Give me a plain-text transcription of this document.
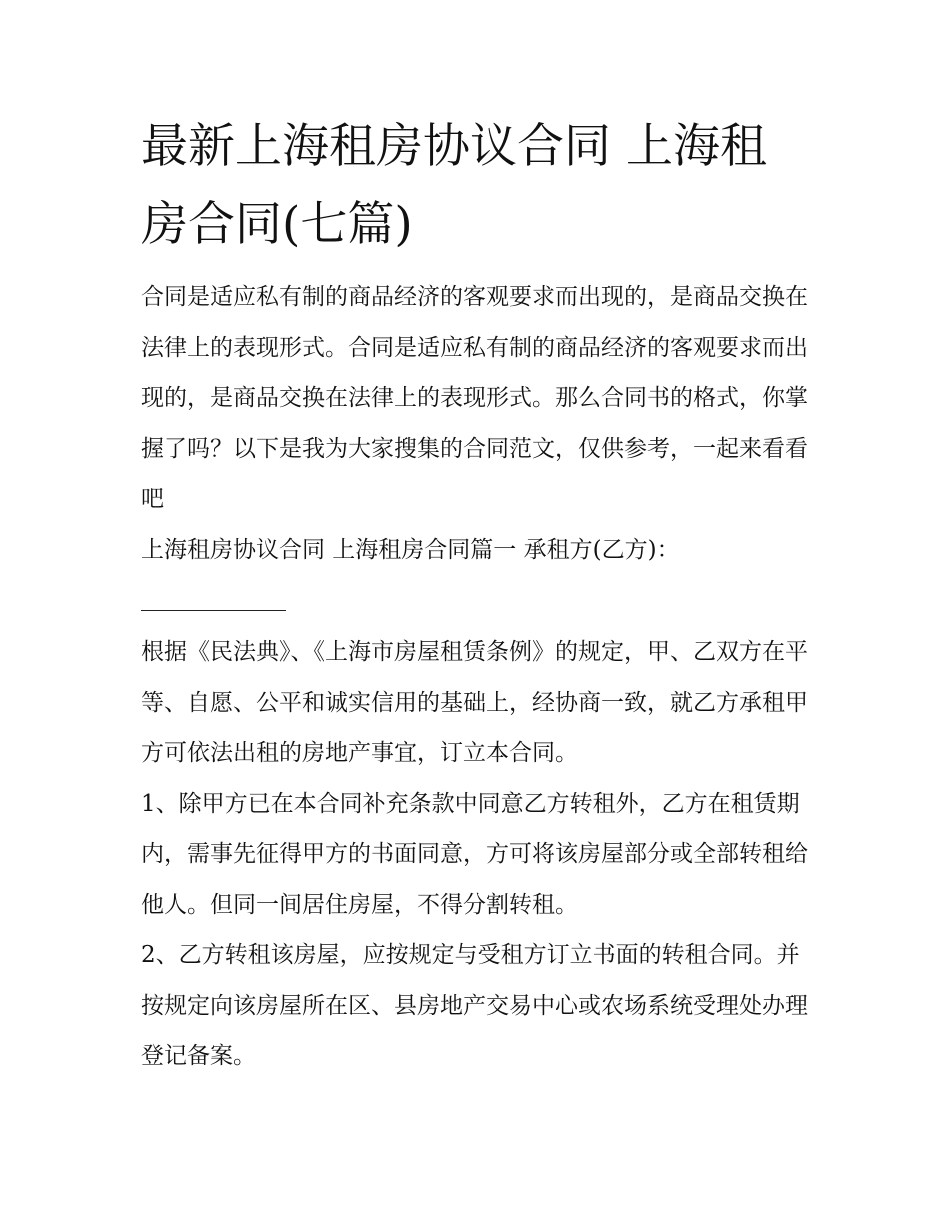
最新上海租房协议合同 上海租房合同(七篇)

合同是适应私有制的商品经济的客观要求而出现的，是商品交换在法律上的表现形式。合同是适应私有制的商品经济的客观要求而出现的，是商品交换在法律上的表现形式。那么合同书的格式，你掌握了吗？以下是我为大家搜集的合同范文，仅供参考，一起来看看吧

上海租房协议合同 上海租房合同篇一 承租方(乙方)：

根据《民法典》、《上海市房屋租赁条例》的规定，甲、乙双方在平等、自愿、公平和诚实信用的基础上，经协商一致，就乙方承租甲方可依法出租的房地产事宜，订立本合同。

1、除甲方已在本合同补充条款中同意乙方转租外，乙方在租赁期内，需事先征得甲方的书面同意，方可将该房屋部分或全部转租给他人。但同一间居住房屋，不得分割转租。

2、乙方转租该房屋，应按规定与受租方订立书面的转租合同。并按规定向该房屋所在区、县房地产交易中心或农场系统受理处办理登记备案。
